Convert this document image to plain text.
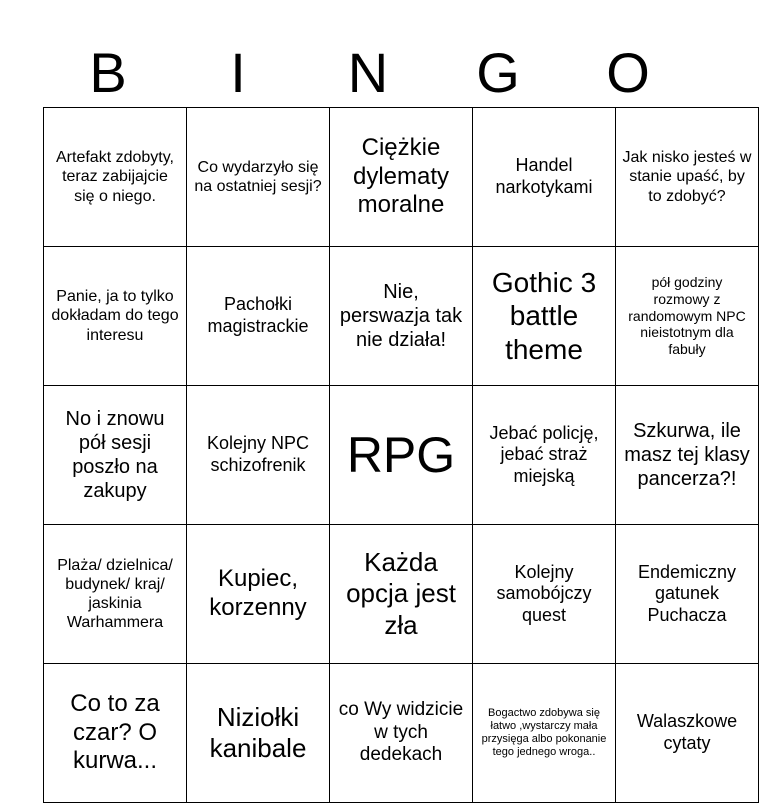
B	I	N	G	O
Artefakt zdobyty, teraz zabijajcie się o niego.	Co wydarzyło się na ostatniej sesji?	Ciężkie dylematy moralne	Handel narkotykami	Jak nisko jesteś w stanie upaść, by to zdobyć?
Panie, ja to tylko dokładam do tego interesu	Pachołki magistrackie	Nie, perswazja tak nie działa!	Gothic 3 battle theme	pół godziny rozmowy z randomowym NPC nieistotnym dla fabuły
No i znowu pół sesji poszło na zakupy	Kolejny NPC schizofrenik	RPG	Jebać policję, jebać straż miejską	Szkurwa, ile masz tej klasy pancerza?!
Plaża/ dzielnica/ budynek/ kraj/ jaskinia Warhammera	Kupiec, korzenny	Każda opcja jest zła	Kolejny samobójczy quest	Endemiczny gatunek Puchacza
Co to za czar? O kurwa...	Niziołki kanibale	co Wy widzicie w tych dedekach	Bogactwo zdobywa się łatwo ,wystarczy mała przysięga albo pokonanie tego jednego wroga..	Walaszkowe cytaty
